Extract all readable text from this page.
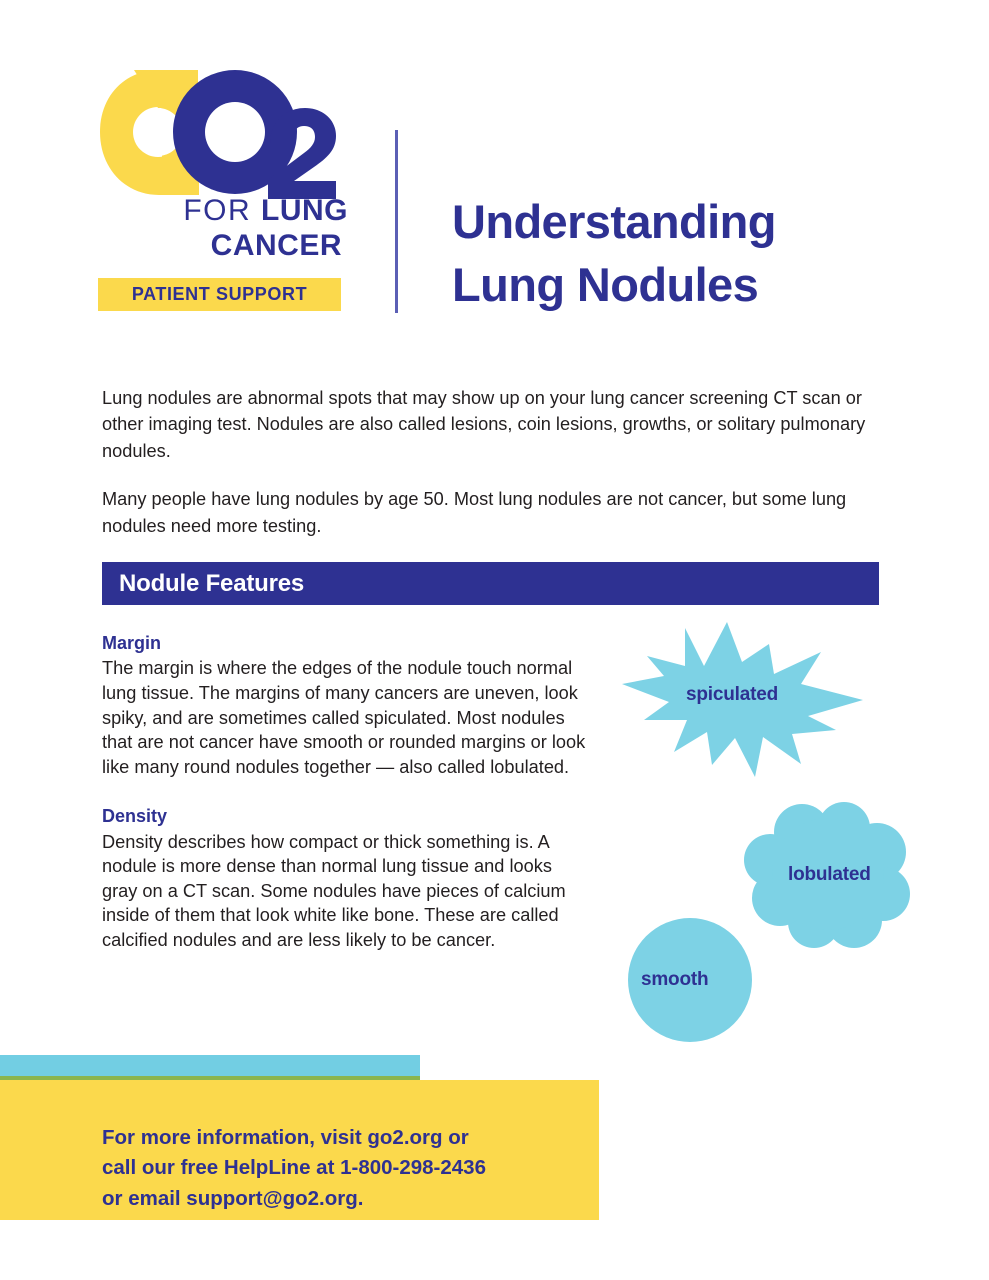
FOR LUNG
CANCER
PATIENT SUPPORT
Understanding
Lung Nodules

Lung nodules are abnormal spots that may show up on your lung cancer screening CT scan or other imaging test. Nodules are also called lesions, coin lesions, growths, or solitary pulmonary nodules.

Many people have lung nodules by age 50. Most lung nodules are not cancer, but some lung nodules need more testing.

Nodule Features

Margin

The margin is where the edges of the nodule touch normal lung tissue. The margins of many cancers are uneven, look spiky, and are sometimes called spiculated. Most nodules that are not cancer have smooth or rounded margins or look like many round nodules together — also called lobulated.

Density

Density describes how compact or thick something is. A nodule is more dense than normal lung tissue and looks gray on a CT scan. Some nodules have pieces of calcium inside of them that look white like bone. These are called calcified nodules and are less likely to be cancer.

spiculated
lobulated
smooth
For more information, visit go2.org or
call our free HelpLine at 1-800-298-2436
or email support@go2.org.
